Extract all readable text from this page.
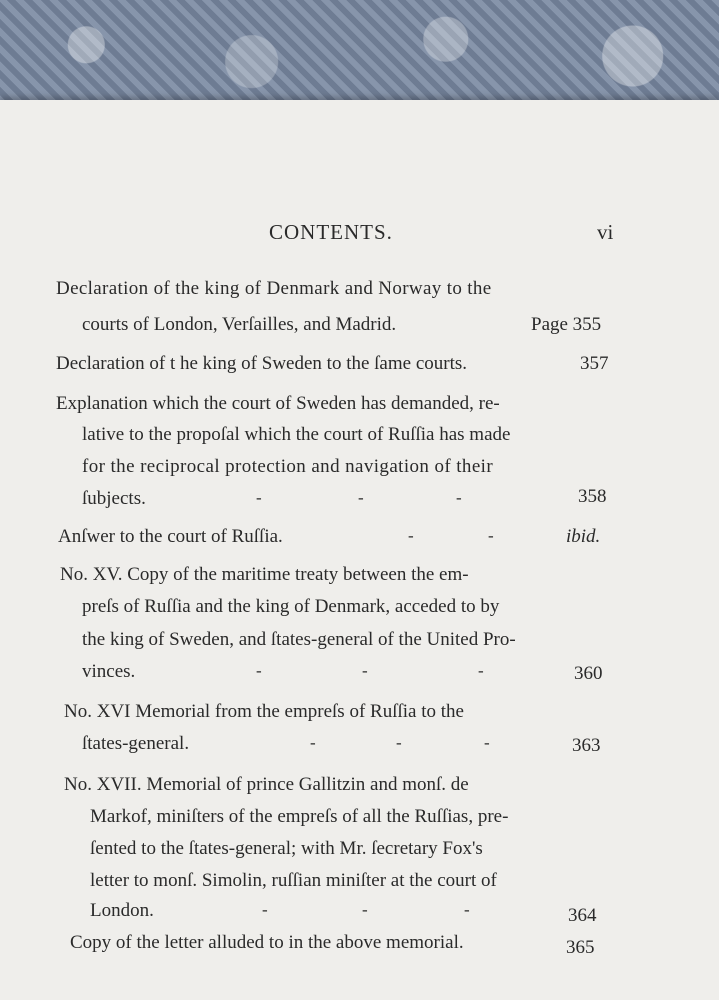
CONTENTS.	vi
Declaration of the king of Denmark and Norway to the
courts of London, Verſailles, and Madrid.	Page 355
Declaration of t he king of Sweden to the ſame courts.	357
Explanation which the court of Sweden has demanded, re-
lative to the propoſal which the court of Ruſſia has made
for the reciprocal protection and navigation of their
ſubjects.	-	-	-	358
Anſwer to the court of Ruſſia.	-	-	ibid.
No. XV. Copy of the maritime treaty between the em-
preſs of Ruſſia and the king of Denmark, acceded to by
the king of Sweden, and ſtates-general of the United Pro-
vinces.	-	-	-	360
No. XVI Memorial from the empreſs of Ruſſia to the
ſtates-general.	-	-	-	363
No. XVII. Memorial of prince Gallitzin and monſ. de
Markof, miniſters of the empreſs of all the Ruſſias, pre-
ſented to the ſtates-general; with Mr. ſecretary Fox's
letter to monſ. Simolin, ruſſian miniſter at the court of
London.	-	-	-	364
Copy of the letter alluded to in the above memorial.	365
